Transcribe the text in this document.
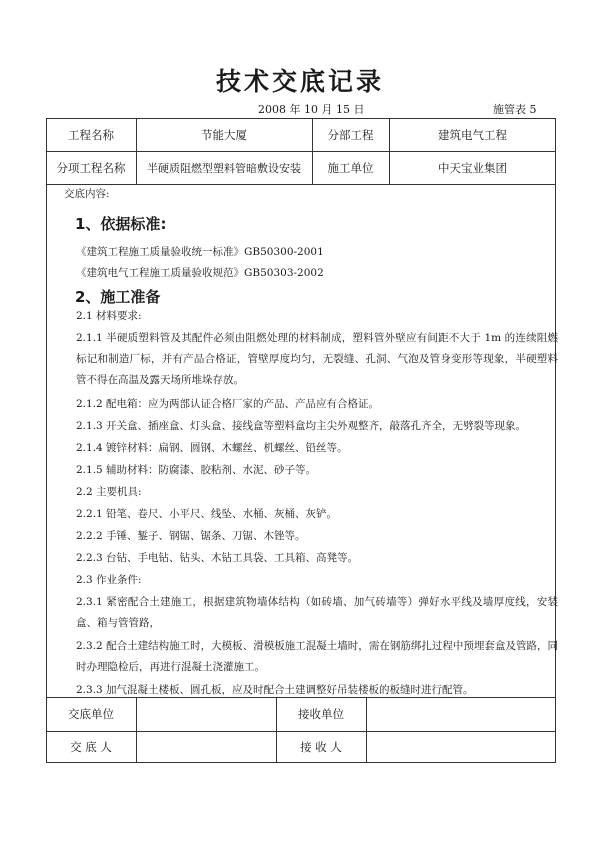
技术交底记录
2008 年 10 月 15 日	施管表 5
工程名称	节能大厦	分部工程	建筑电气工程
分项工程名称	半硬质阻燃型塑料管暗敷设安装	施工单位	中天宝业集团
交底内容:
1、依据标准:
《建筑工程施工质量验收统一标准》GB50300-2001
《建筑电气工程施工质量验收规范》GB50303-2002
2、施工准备
2.1 材料要求:
2.1.1 半硬质塑料管及其配件必须由阻燃处理的材料制成，塑料管外壁应有间距不大于 1m 的连续阻燃标记和制造厂标，并有产品合格证，管壁厚度均匀，无裂缝、孔洞、气泡及管身变形等现象，半硬塑料管不得在高温及露天场所堆垛存放。
2.1.2 配电箱：应为两部认证合格厂家的产品、产品应有合格证。
2.1.3 开关盒、插座盒、灯头盒、接线盒等塑料盒均主尖外观整齐，敲落孔齐全，无劈裂等现象。
2.1.4 镀锌材料：扁钢、圆钢、木螺丝、机螺丝、铅丝等。
2.1.5 辅助材料：防腐漆、胶粘剂、水泥、砂子等。
2.2 主要机具:
2.2.1 铅笔、卷尺、小平尺、线坠、水桶、灰桶、灰铲。
2.2.2 手锤、錾子、钢锯、锯条、刀锯、木锉等。
2.2.3 台钻、手电钻、钻头、木钻工具袋、工具箱、高凳等。
2.3 作业条件:
2.3.1 紧密配合土建施工，根据建筑物墙体结构（如砖墙、加气砖墙等）弹好水平线及墙厚度线，安装盒、箱与管管路，
2.3.2 配合土建结构施工时，大模板、滑模板施工混凝土墙时，需在钢筋绑扎过程中预埋套盒及管路，同时办理隐检后，再进行混凝土浇灌施工。
2.3.3 加气混凝土楼板、圆孔板，应及时配合土建调整好吊装楼板的板缝时进行配管。
交底单位	接收单位
交 底 人	接 收 人
